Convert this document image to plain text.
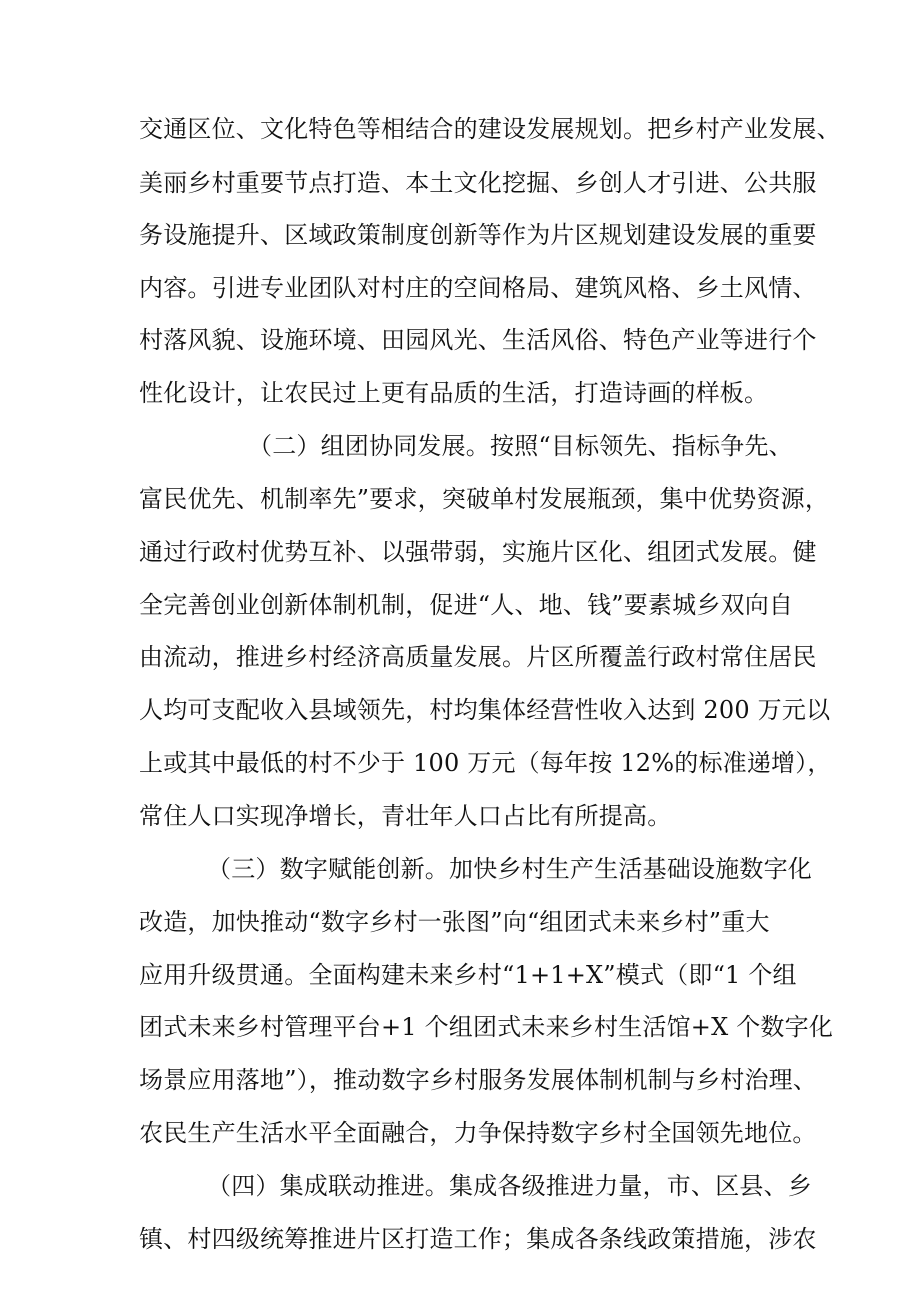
交通区位、文化特色等相结合的建设发展规划。把乡村产业发展、
美丽乡村重要节点打造、本土文化挖掘、乡创人才引进、公共服
务设施提升、区域政策制度创新等作为片区规划建设发展的重要
内容。引进专业团队对村庄的空间格局、建筑风格、乡土风情、
村落风貌、设施环境、田园风光、生活风俗、特色产业等进行个
性化设计，让农民过上更有品质的生活，打造诗画的样板。
（二）组团协同发展。按照“目标领先、指标争先、
富民优先、机制率先”要求，突破单村发展瓶颈，集中优势资源，
通过行政村优势互补、以强带弱，实施片区化、组团式发展。健
全完善创业创新体制机制，促进“人、地、钱”要素城乡双向自
由流动，推进乡村经济高质量发展。片区所覆盖行政村常住居民
人均可支配收入县域领先，村均集体经营性收入达到 200 万元以
上或其中最低的村不少于 100 万元（每年按 12%的标准递增），
常住人口实现净增长，青壮年人口占比有所提高。
（三）数字赋能创新。加快乡村生产生活基础设施数字化
改造，加快推动“数字乡村一张图”向“组团式未来乡村”重大
应用升级贯通。全面构建未来乡村“1+1+X”模式（即“1 个组
团式未来乡村管理平台+1 个组团式未来乡村生活馆+X 个数字化
场景应用落地”），推动数字乡村服务发展体制机制与乡村治理、
农民生产生活水平全面融合，力争保持数字乡村全国领先地位。
（四）集成联动推进。集成各级推进力量，市、区县、乡
镇、村四级统筹推进片区打造工作；集成各条线政策措施，涉农
